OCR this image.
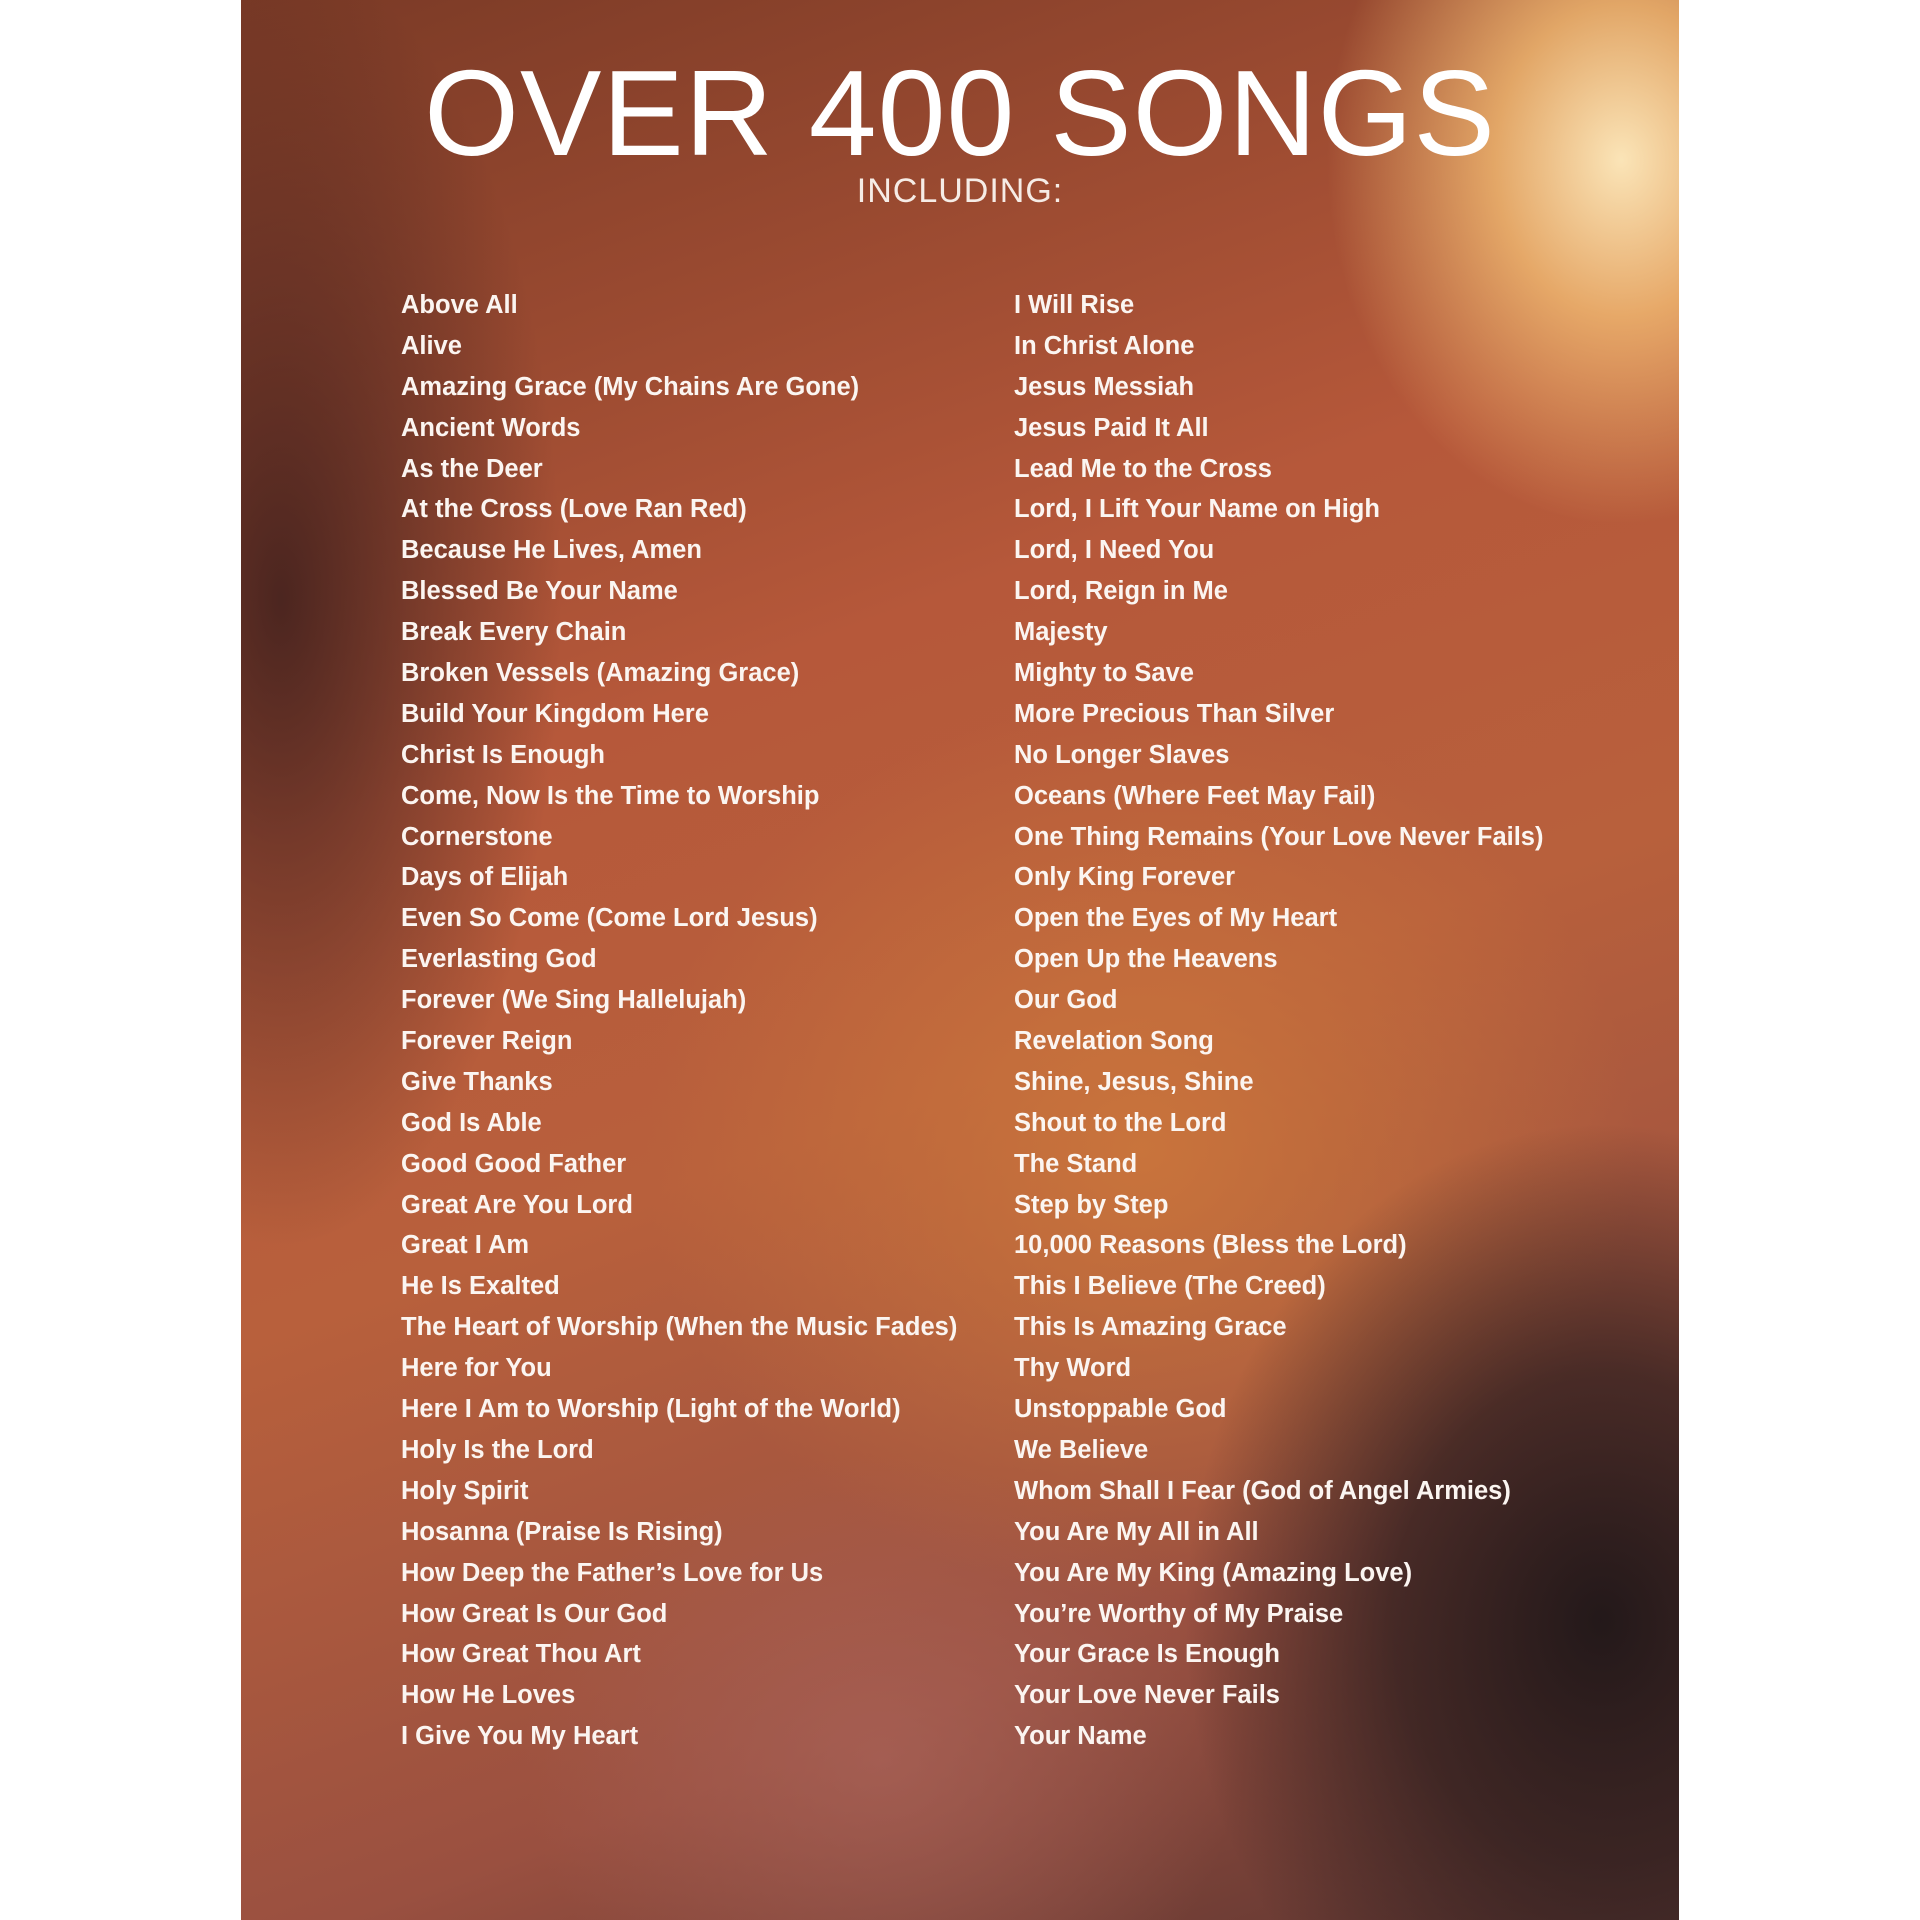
OVER 400 SONGS
INCLUDING:
Above All
Alive
Amazing Grace (My Chains Are Gone)
Ancient Words
As the Deer
At the Cross (Love Ran Red)
Because He Lives, Amen
Blessed Be Your Name
Break Every Chain
Broken Vessels (Amazing Grace)
Build Your Kingdom Here
Christ Is Enough
Come, Now Is the Time to Worship
Cornerstone
Days of Elijah
Even So Come (Come Lord Jesus)
Everlasting God
Forever (We Sing Hallelujah)
Forever Reign
Give Thanks
God Is Able
Good Good Father
Great Are You Lord
Great I Am
He Is Exalted
The Heart of Worship (When the Music Fades)
Here for You
Here I Am to Worship (Light of the World)
Holy Is the Lord
Holy Spirit
Hosanna (Praise Is Rising)
How Deep the Father’s Love for Us
How Great Is Our God
How Great Thou Art
How He Loves
I Give You My Heart
I Will Rise
In Christ Alone
Jesus Messiah
Jesus Paid It All
Lead Me to the Cross
Lord, I Lift Your Name on High
Lord, I Need You
Lord, Reign in Me
Majesty
Mighty to Save
More Precious Than Silver
No Longer Slaves
Oceans (Where Feet May Fail)
One Thing Remains (Your Love Never Fails)
Only King Forever
Open the Eyes of My Heart
Open Up the Heavens
Our God
Revelation Song
Shine, Jesus, Shine
Shout to the Lord
The Stand
Step by Step
10,000 Reasons (Bless the Lord)
This I Believe (The Creed)
This Is Amazing Grace
Thy Word
Unstoppable God
We Believe
Whom Shall I Fear (God of Angel Armies)
You Are My All in All
You Are My King (Amazing Love)
You’re Worthy of My Praise
Your Grace Is Enough
Your Love Never Fails
Your Name
